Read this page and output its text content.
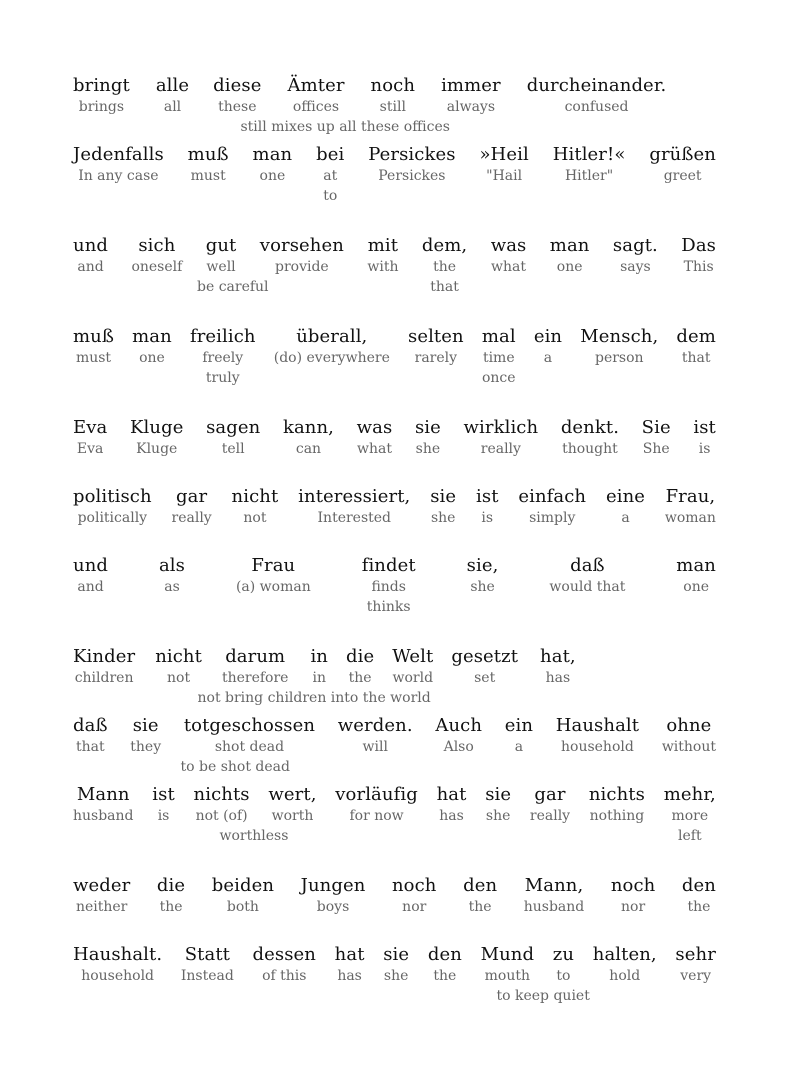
bringt
brings
alle
all
diese
these
Ämter
offices
noch
still
immer
always
durcheinander.
confused
Jedenfalls
In any case
muß
must
man
one
bei
at
to
Persickes
Persickes
»Heil
"Hail
Hitler!«
Hitler"
grüßen
greet
und
and
sich
oneself
gut
well
vorsehen
provide
mit
with
dem,
the
that
was
what
man
one
sagt.
says
Das
This
muß
must
man
one
freilich
freely
truly
überall,
(do) everywhere
selten
rarely
mal
time
once
ein
a
Mensch,
person
dem
that
Eva
Eva
Kluge
Kluge
sagen
tell
kann,
can
was
what
sie
she
wirklich
really
denkt.
thought
Sie
She
ist
is
politisch
politically
gar
really
nicht
not
interessiert,
Interested
sie
she
ist
is
einfach
simply
eine
a
Frau,
woman
und
and
als
as
Frau
(a) woman
findet
finds
thinks
sie,
she
daß
would that
man
one
Kinder
children
nicht
not
darum
therefore
in
in
die
the
Welt
world
gesetzt
set
hat,
has
daß
that
sie
they
totgeschossen
shot dead
werden.
will
Auch
Also
ein
a
Haushalt
household
ohne
without
Mann
husband
ist
is
nichts
not (of)
wert,
worth
vorläufig
for now
hat
has
sie
she
gar
really
nichts
nothing
mehr,
more
left
weder
neither
die
the
beiden
both
Jungen
boys
noch
nor
den
the
Mann,
husband
noch
nor
den
the
Haushalt.
household
Statt
Instead
dessen
of this
hat
has
sie
she
den
the
Mund
mouth
zu
to
halten,
hold
sehr
very
still mixes up all these offices
be careful
not bring children into the world
to be shot dead
worthless
to keep quiet
